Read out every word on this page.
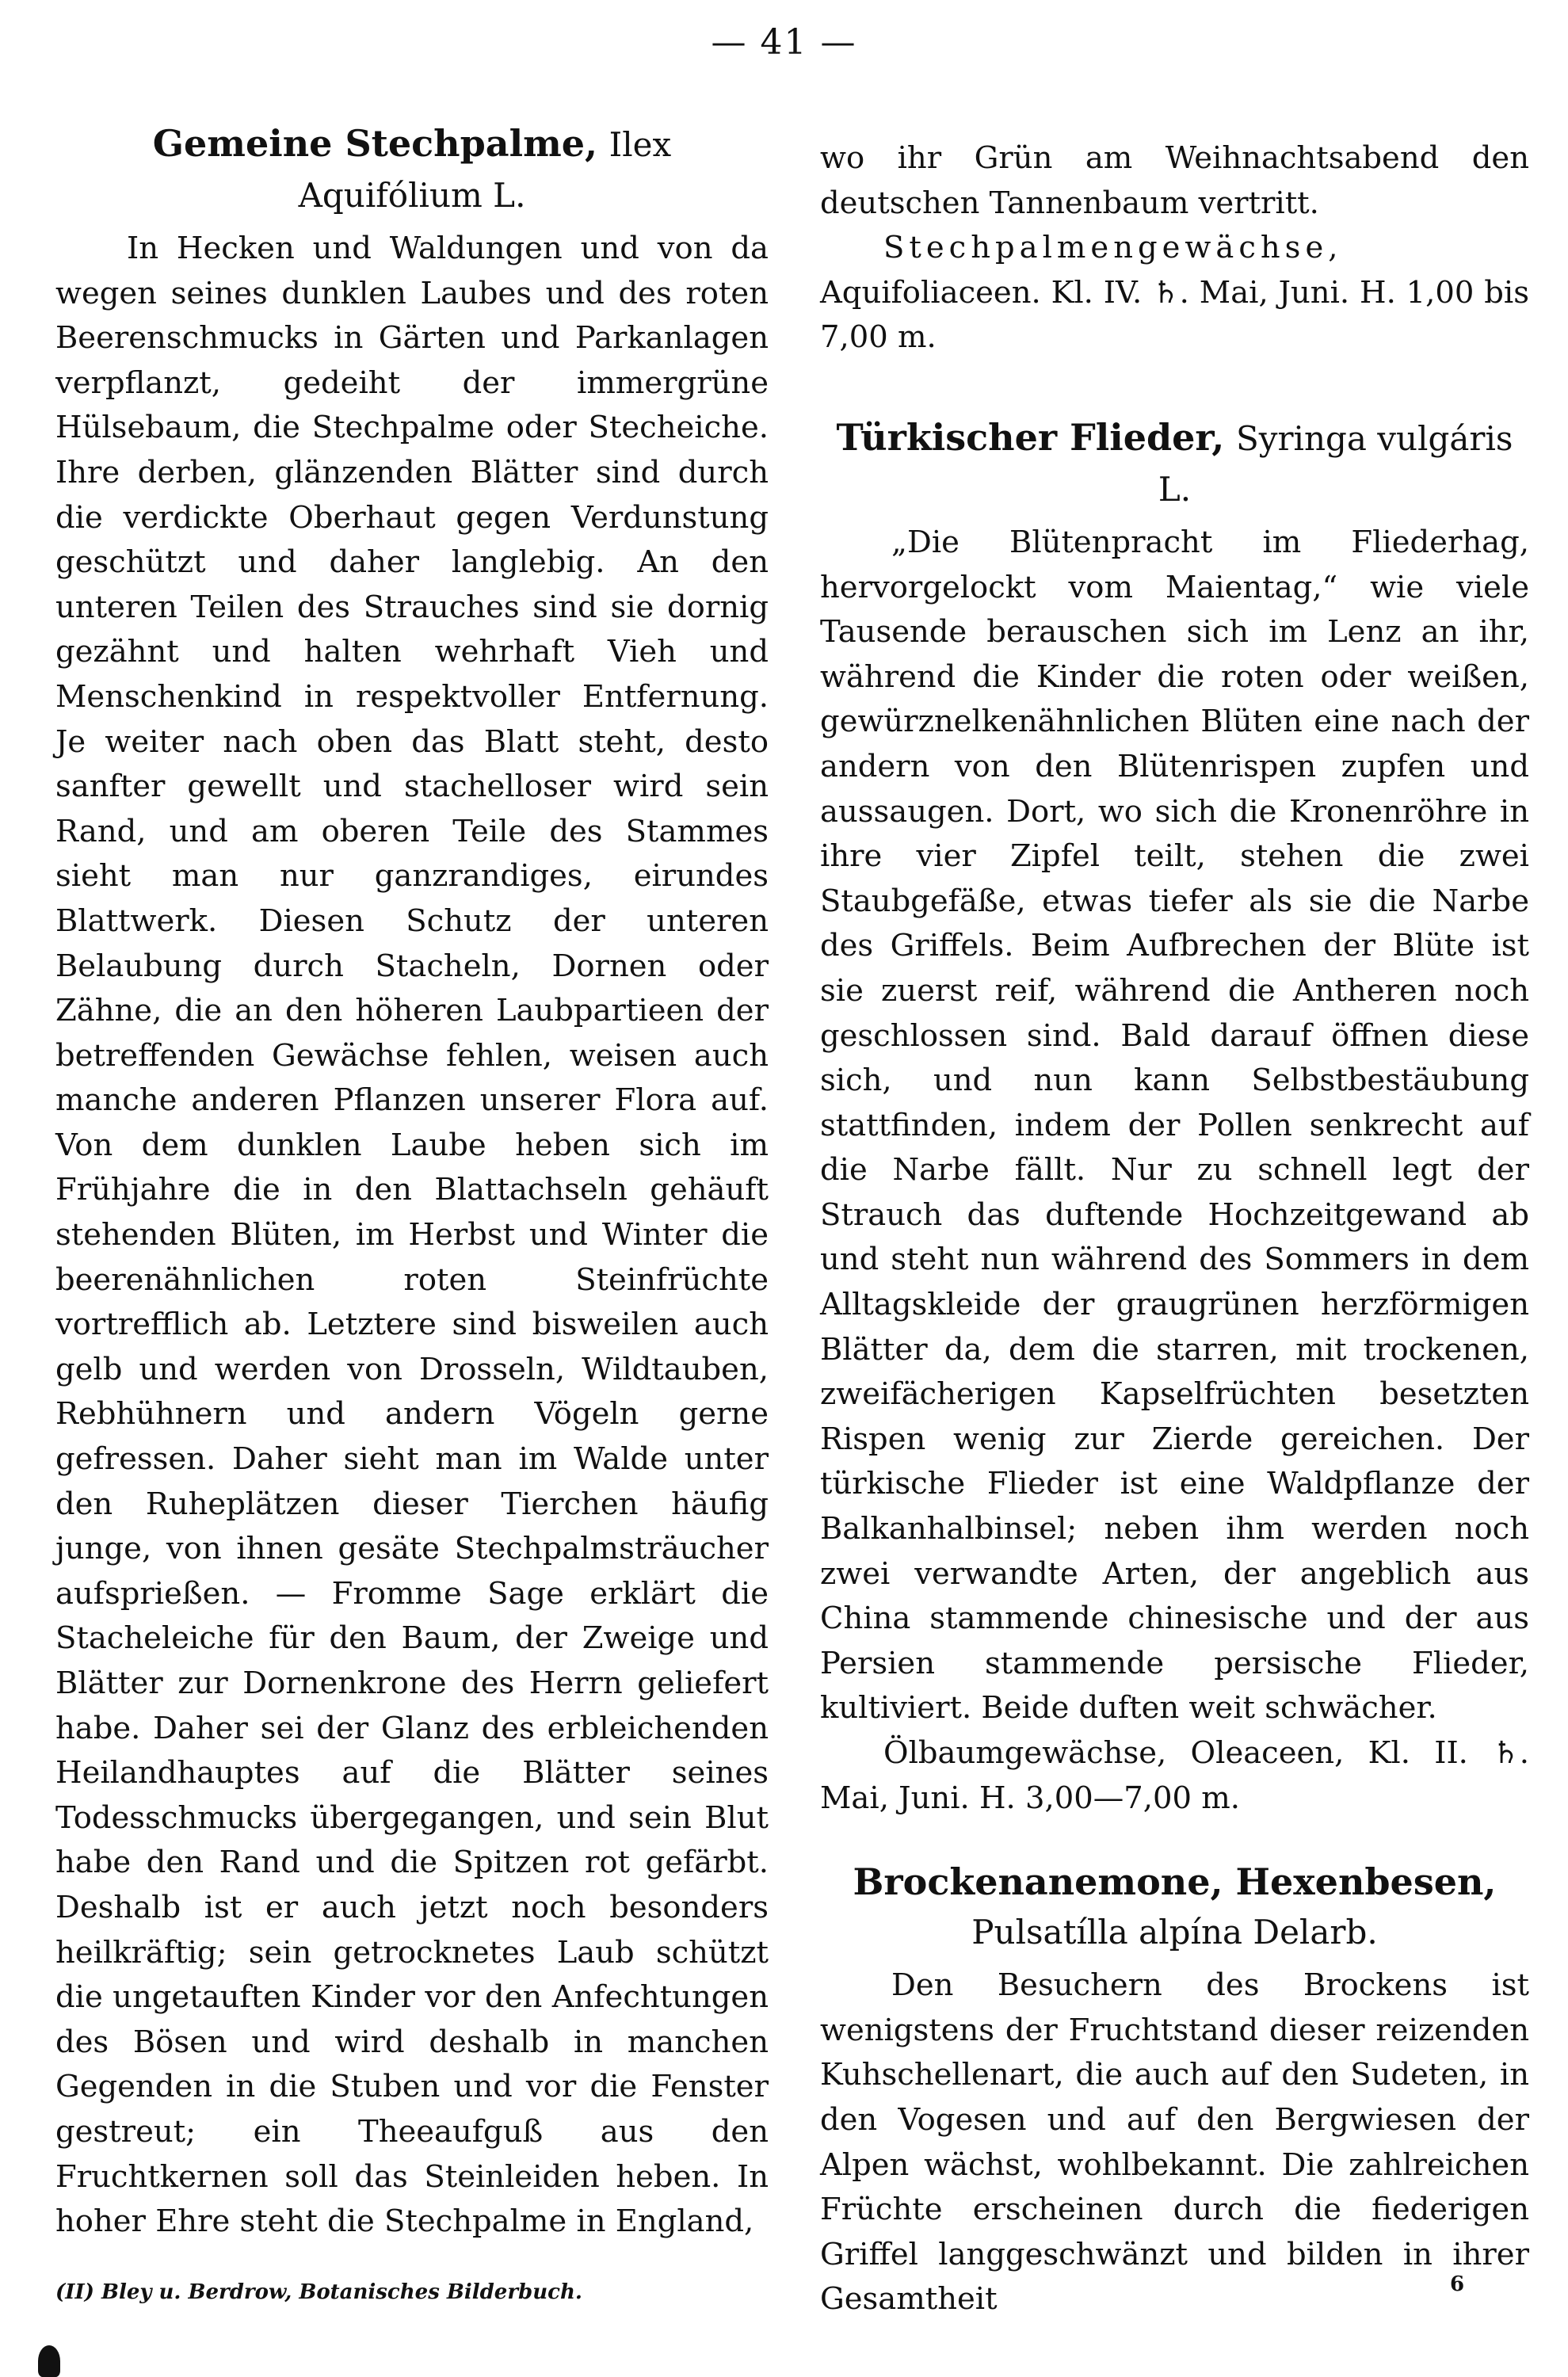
— 41 —
Gemeine Stechpalme, Ilex Aquifólium L.

In Hecken und Waldungen und von da wegen seines dunklen Laubes und des roten Beerenschmucks in Gärten und Parkanlagen verpflanzt, gedeiht der immergrüne Hülsebaum, die Stechpalme oder Stecheiche. Ihre derben, glänzenden Blätter sind durch die verdickte Oberhaut gegen Verdunstung geschützt und daher langlebig. An den unteren Teilen des Strauches sind sie dornig gezähnt und halten wehrhaft Vieh und Menschenkind in respektvoller Entfernung. Je weiter nach oben das Blatt steht, desto sanfter gewellt und stachelloser wird sein Rand, und am oberen Teile des Stammes sieht man nur ganzrandiges, eirundes Blattwerk. Diesen Schutz der unteren Belaubung durch Stacheln, Dornen oder Zähne, die an den höheren Laubpartieen der betreffenden Gewächse fehlen, weisen auch manche anderen Pflanzen unserer Flora auf. Von dem dunklen Laube heben sich im Frühjahre die in den Blattachseln gehäuft stehenden Blüten, im Herbst und Winter die beerenähnlichen roten Steinfrüchte vortrefflich ab. Letztere sind bisweilen auch gelb und werden von Drosseln, Wildtauben, Rebhühnern und andern Vögeln gerne gefressen. Daher sieht man im Walde unter den Ruheplätzen dieser Tierchen häufig junge, von ihnen gesäte Stechpalmsträucher aufsprießen. — Fromme Sage erklärt die Stacheleiche für den Baum, der Zweige und Blätter zur Dornenkrone des Herrn geliefert habe. Daher sei der Glanz des erbleichenden Heilandhauptes auf die Blätter seines Todesschmucks übergegangen, und sein Blut habe den Rand und die Spitzen rot gefärbt. Deshalb ist er auch jetzt noch besonders heilkräftig; sein getrocknetes Laub schützt die ungetauften Kinder vor den Anfechtungen des Bösen und wird deshalb in manchen Gegenden in die Stuben und vor die Fenster gestreut; ein Theeaufguß aus den Fruchtkernen soll das Steinleiden heben. In hoher Ehre steht die Stechpalme in England,

wo ihr Grün am Weihnachtsabend den deutschen Tannenbaum vertritt.

Stechpalmengewächse, Aquifoliaceen. Kl. IV. ♄. Mai, Juni. H. 1,00 bis 7,00 m.

Türkischer Flieder, Syringa vulgáris L.

„Die Blütenpracht im Fliederhag, hervorgelockt vom Maientag,“ wie viele Tausende berauschen sich im Lenz an ihr, während die Kinder die roten oder weißen, gewürznelkenähnlichen Blüten eine nach der andern von den Blütenrispen zupfen und aussaugen. Dort, wo sich die Kronenröhre in ihre vier Zipfel teilt, stehen die zwei Staubgefäße, etwas tiefer als sie die Narbe des Griffels. Beim Aufbrechen der Blüte ist sie zuerst reif, während die Antheren noch geschlossen sind. Bald darauf öffnen diese sich, und nun kann Selbstbestäubung stattfinden, indem der Pollen senkrecht auf die Narbe fällt. Nur zu schnell legt der Strauch das duftende Hochzeitgewand ab und steht nun während des Sommers in dem Alltagskleide der graugrünen herzförmigen Blätter da, dem die starren, mit trockenen, zweifächerigen Kapselfrüchten besetzten Rispen wenig zur Zierde gereichen. Der türkische Flieder ist eine Waldpflanze der Balkanhalbinsel; neben ihm werden noch zwei verwandte Arten, der angeblich aus China stammende chinesische und der aus Persien stammende persische Flieder, kultiviert. Beide duften weit schwächer.

Ölbaumgewächse, Oleaceen, Kl. II. ♄. Mai, Juni. H. 3,00—7,00 m.

Brockenanemone, Hexenbesen,
Pulsatílla alpína Delarb.

Den Besuchern des Brockens ist wenigstens der Fruchtstand dieser reizenden Kuhschellenart, die auch auf den Sudeten, in den Vogesen und auf den Bergwiesen der Alpen wächst, wohlbekannt. Die zahlreichen Früchte erscheinen durch die fiederigen Griffel langgeschwänzt und bilden in ihrer Gesamtheit

(II) Bley u. Berdrow, Botanisches Bilderbuch.	6
